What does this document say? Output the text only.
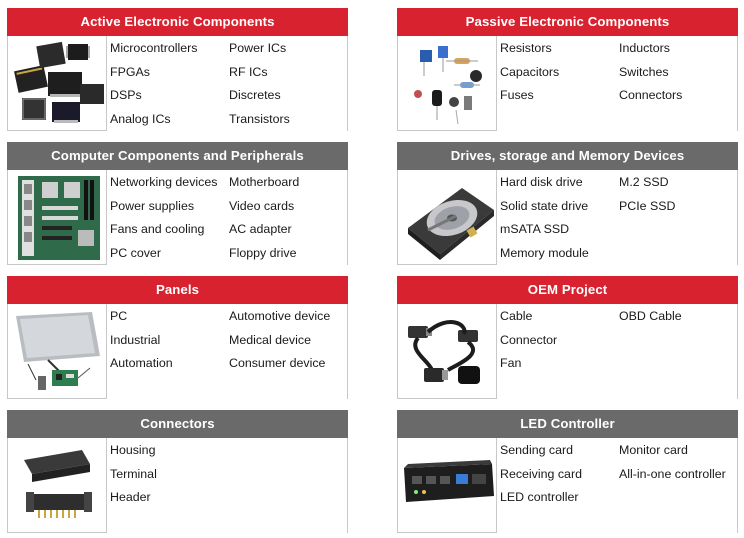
Active Electronic Components
Microcontrollers
FPGAs
DSPs
Analog ICs
Power ICs
RF ICs
Discretes
Transistors
Passive Electronic Components
Resistors
Capacitors
Fuses
Inductors
Switches
Connectors
Computer Components and Peripherals
Networking devices
Power supplies
Fans and cooling
PC cover
Motherboard
Video cards
AC adapter
Floppy drive
Drives, storage and Memory Devices
Hard disk drive
Solid state drive
mSATA SSD
Memory module
M.2 SSD
PCIe SSD
Panels
PC
Industrial
Automation
Automotive device
Medical device
Consumer device
OEM Project
Cable
Connector
Fan
OBD Cable
Connectors
Housing
Terminal
Header
LED Controller
Sending card
Receiving card
LED controller
Monitor card
All-in-one controller
